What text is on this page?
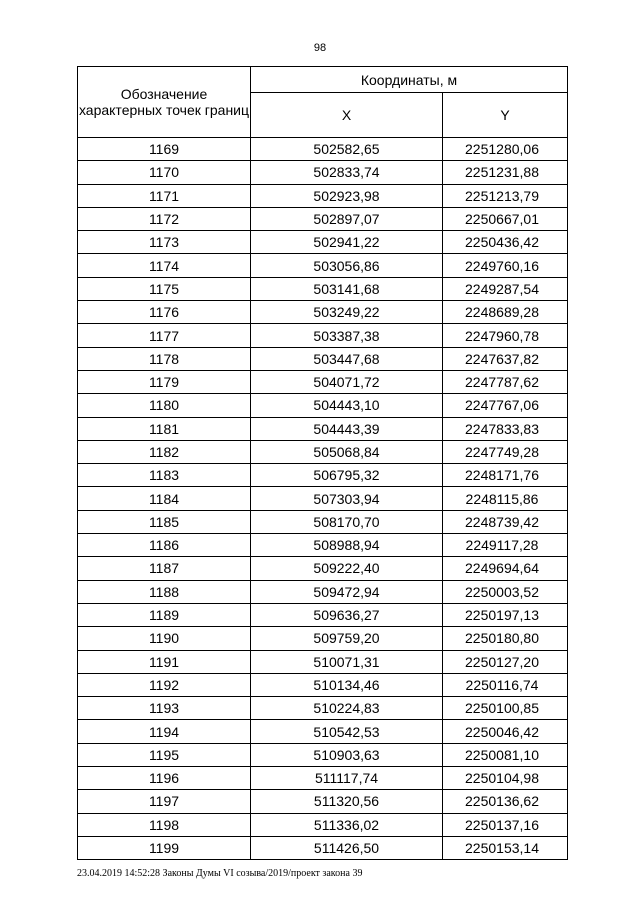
98
Обозначение характерных точек границ	Координаты, м	
	X	Y
1169	502582,65	2251280,06
1170	502833,74	2251231,88
1171	502923,98	2251213,79
1172	502897,07	2250667,01
1173	502941,22	2250436,42
1174	503056,86	2249760,16
1175	503141,68	2249287,54
1176	503249,22	2248689,28
1177	503387,38	2247960,78
1178	503447,68	2247637,82
1179	504071,72	2247787,62
1180	504443,10	2247767,06
1181	504443,39	2247833,83
1182	505068,84	2247749,28
1183	506795,32	2248171,76
1184	507303,94	2248115,86
1185	508170,70	2248739,42
1186	508988,94	2249117,28
1187	509222,40	2249694,64
1188	509472,94	2250003,52
1189	509636,27	2250197,13
1190	509759,20	2250180,80
1191	510071,31	2250127,20
1192	510134,46	2250116,74
1193	510224,83	2250100,85
1194	510542,53	2250046,42
1195	510903,63	2250081,10
1196	511117,74	2250104,98
1197	511320,56	2250136,62
1198	511336,02	2250137,16
1199	511426,50	2250153,14
23.04.2019 14:52:28 Законы Думы VI созыва/2019/проект закона 39
